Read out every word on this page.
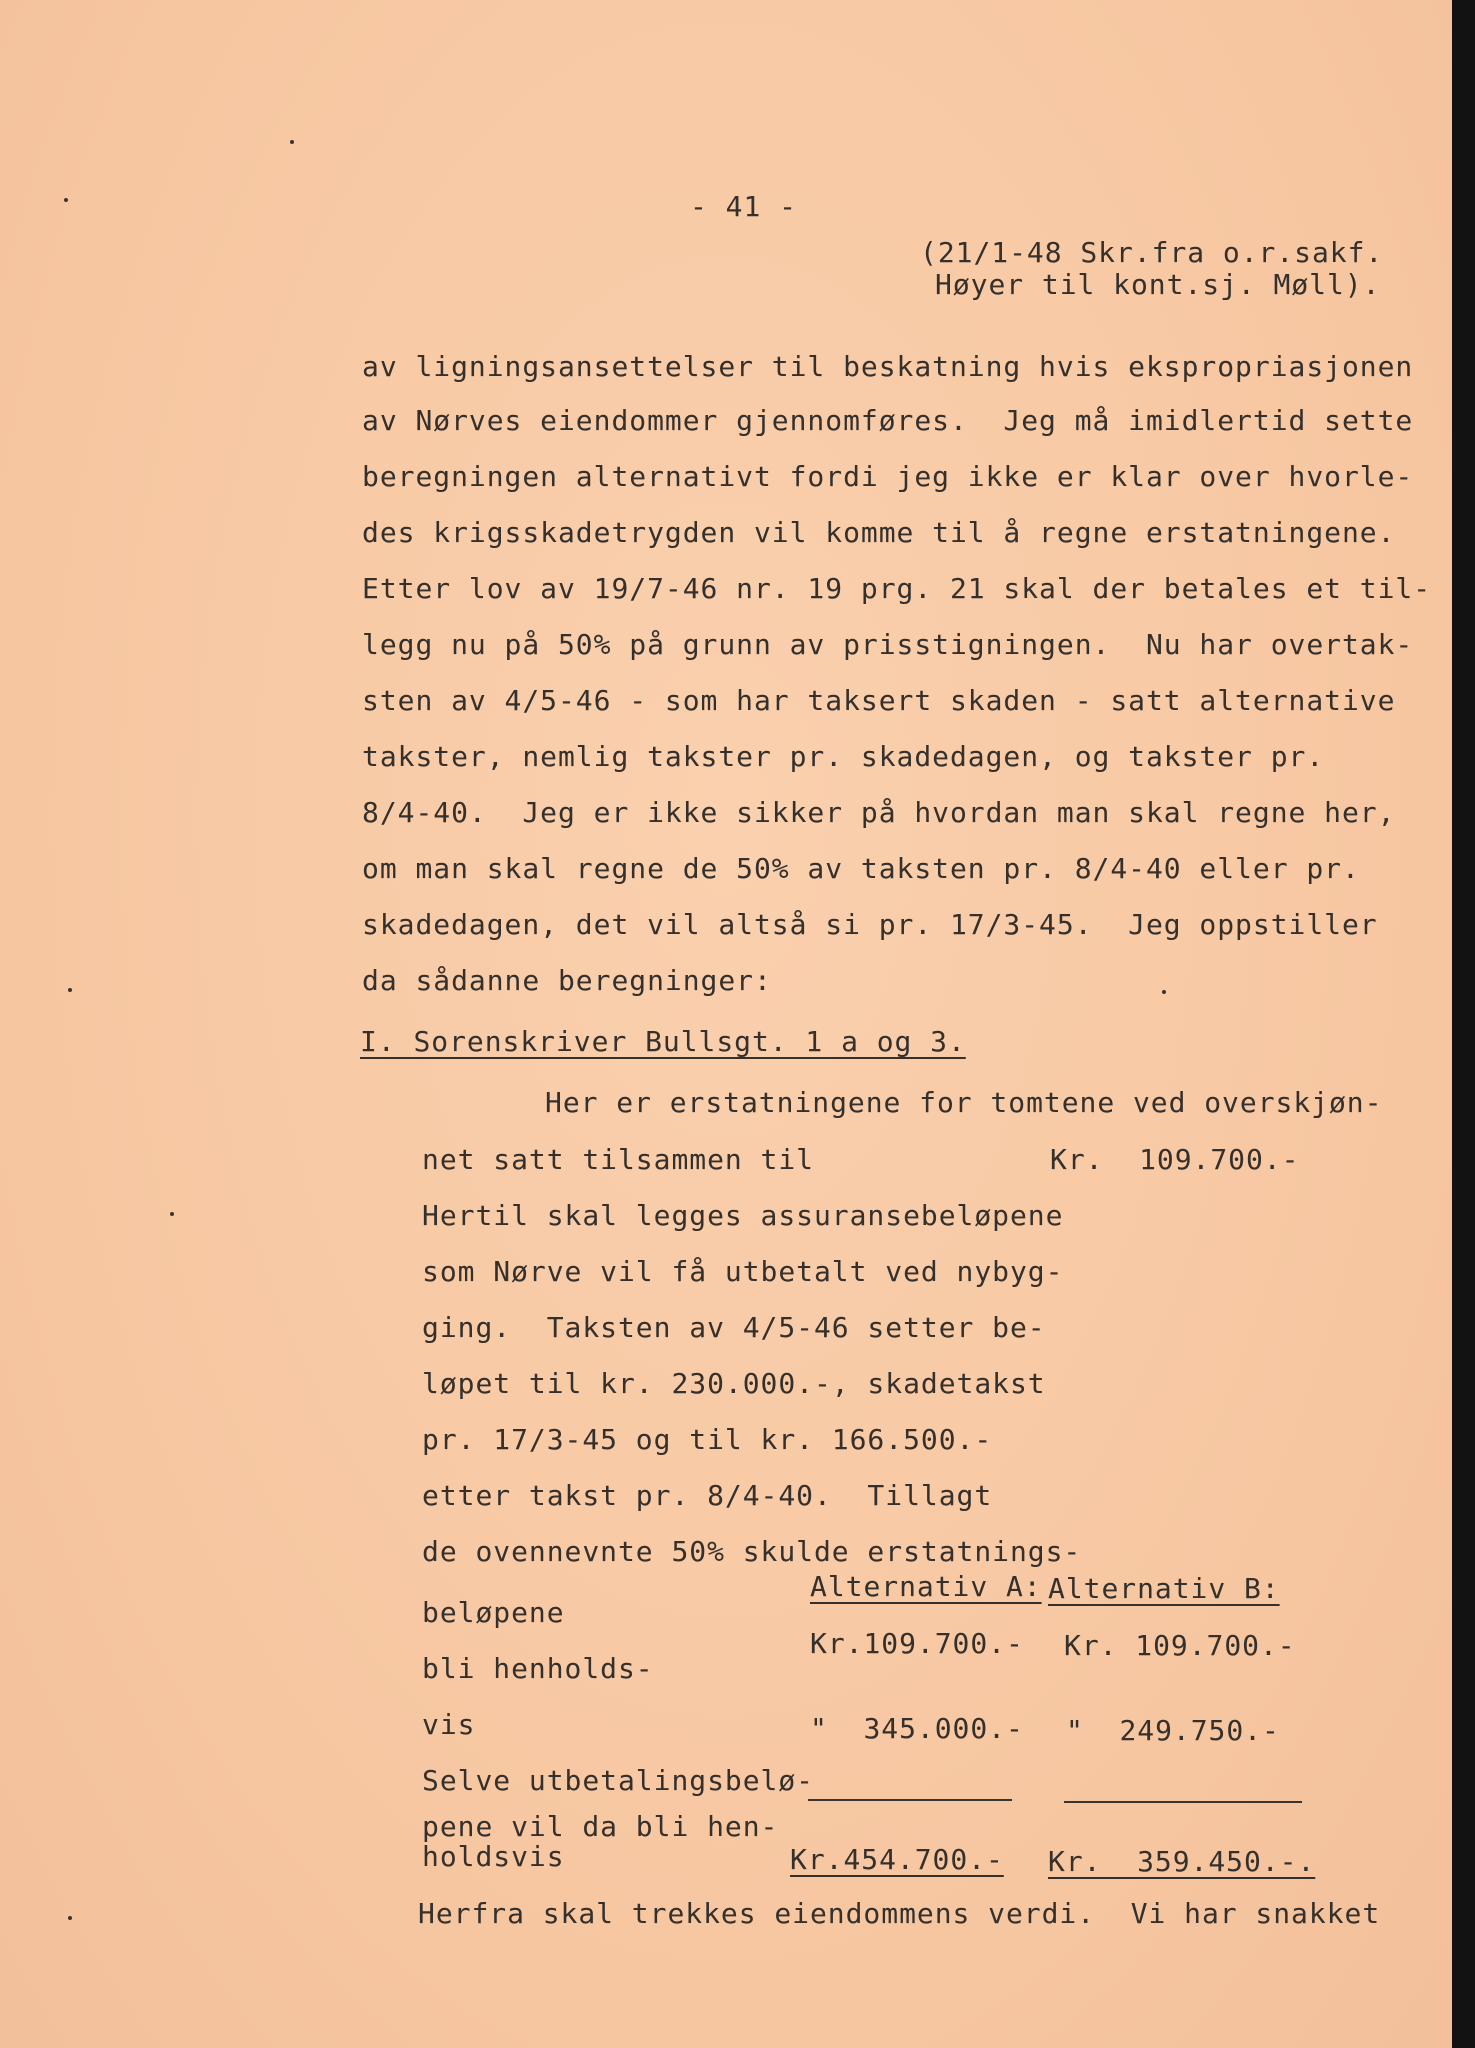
- 41 -
(21/1-48 Skr.fra o.r.sakf.
Høyer til kont.sj. Møll).
av ligningsansettelser til beskatning hvis ekspropriasjonen
av Nørves eiendommer gjennomføres.  Jeg må imidlertid sette
beregningen alternativt fordi jeg ikke er klar over hvorle-
des krigsskadetrygden vil komme til å regne erstatningene.
Etter lov av 19/7-46 nr. 19 prg. 21 skal der betales et til-
legg nu på 50% på grunn av prisstigningen.  Nu har overtak-
sten av 4/5-46 - som har taksert skaden - satt alternative
takster, nemlig takster pr. skadedagen, og takster pr.
8/4-40.  Jeg er ikke sikker på hvordan man skal regne her,
om man skal regne de 50% av taksten pr. 8/4-40 eller pr.
skadedagen, det vil altså si pr. 17/3-45.  Jeg oppstiller
da sådanne beregninger:
I. Sorenskriver Bullsgt. 1 a og 3.
Her er erstatningene for tomtene ved overskjøn-
net satt tilsammen til	Kr.  109.700.-
Hertil skal legges assuransebeløpene
som Nørve vil få utbetalt ved nybyg-
ging.  Taksten av 4/5-46 setter be-
løpet til kr. 230.000.-, skadetakst
pr. 17/3-45 og til kr. 166.500.-
etter takst pr. 8/4-40.  Tillagt
de ovennevnte 50% skulde erstatnings-
Alternativ A: Alternativ B:
beløpene
bli henholds-
vis
Kr.109.700.- Kr. 109.700.-
"  345.000.- "  249.750.-
Selve utbetalingsbelø-
pene vil da bli hen-
holdsvis	Kr.454.700.- Kr.  359.450.-.
Herfra skal trekkes eiendommens verdi.  Vi har snakket
